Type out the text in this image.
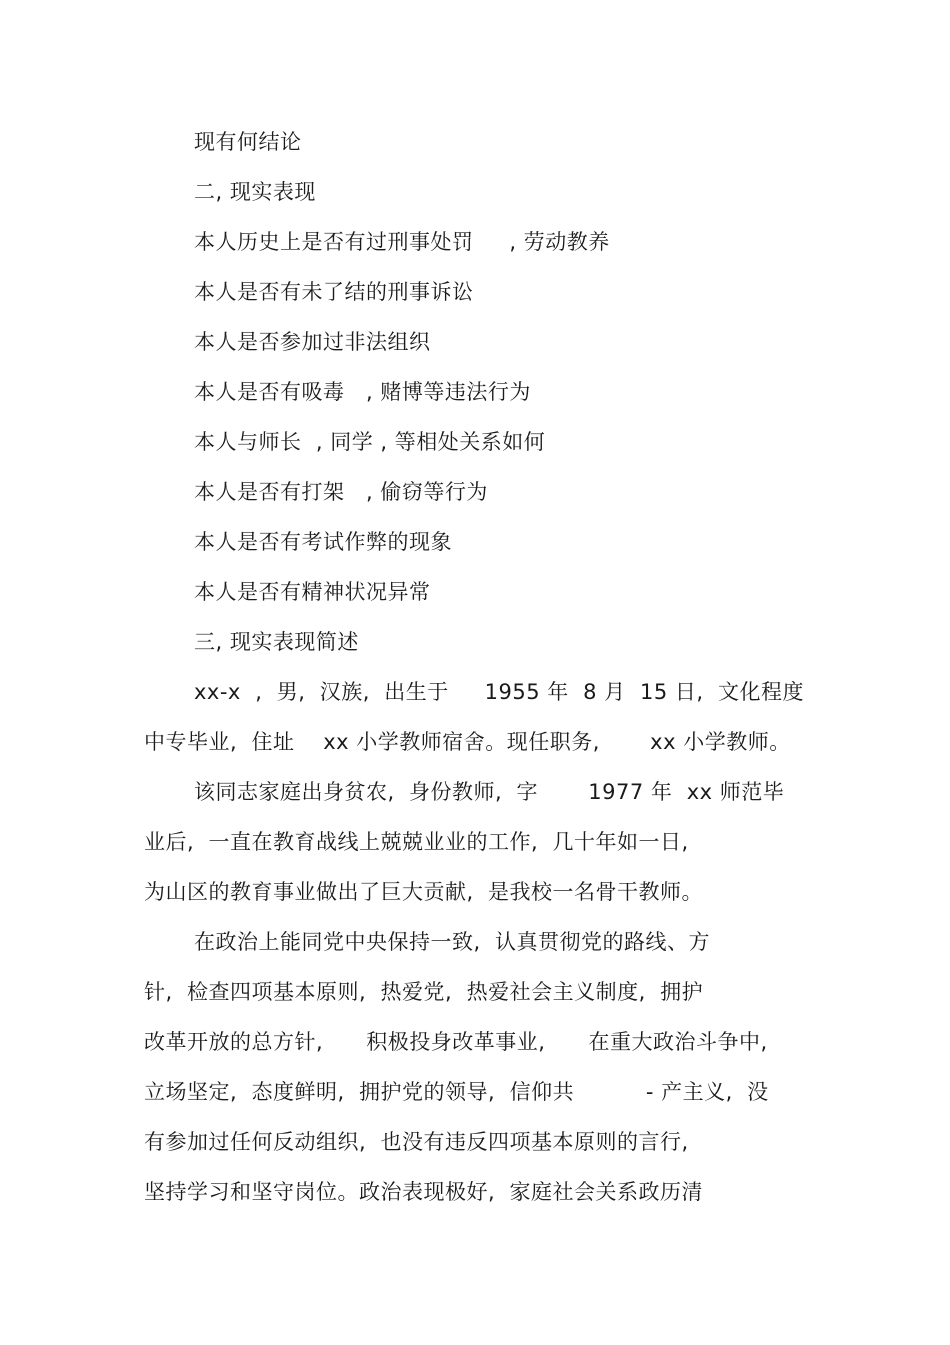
现有何结论
二, 现实表现
本人历史上是否有过刑事处罚     , 劳动教养
本人是否有未了结的刑事诉讼
本人是否参加过非法组织
本人是否有吸毒   , 赌博等违法行为
本人与师长  , 同学 , 等相处关系如何
本人是否有打架   , 偷窃等行为
本人是否有考试作弊的现象
本人是否有精神状况异常
三, 现实表现简述
xx-x  ,  男,  汉族,  出生于     1955 年  8 月  15 日,  文化程度
中专毕业,  住址    xx 小学教师宿舍。现任职务,       xx 小学教师。
该同志家庭出身贫农,  身份教师,  字       1977 年  xx 师范毕
业后,  一直在教育战线上兢兢业业的工作,  几十年如一日,
为山区的教育事业做出了巨大贡献,  是我校一名骨干教师。
在政治上能同党中央保持一致,  认真贯彻党的路线、方
针,  检查四项基本原则,  热爱党,  热爱社会主义制度,  拥护
改革开放的总方针,      积极投身改革事业,      在重大政治斗争中,
立场坚定,  态度鲜明,  拥护党的领导,  信仰共          - 产主义,  没
有参加过任何反动组织,  也没有违反四项基本原则的言行,
坚持学习和坚守岗位。政治表现极好,  家庭社会关系政历清
